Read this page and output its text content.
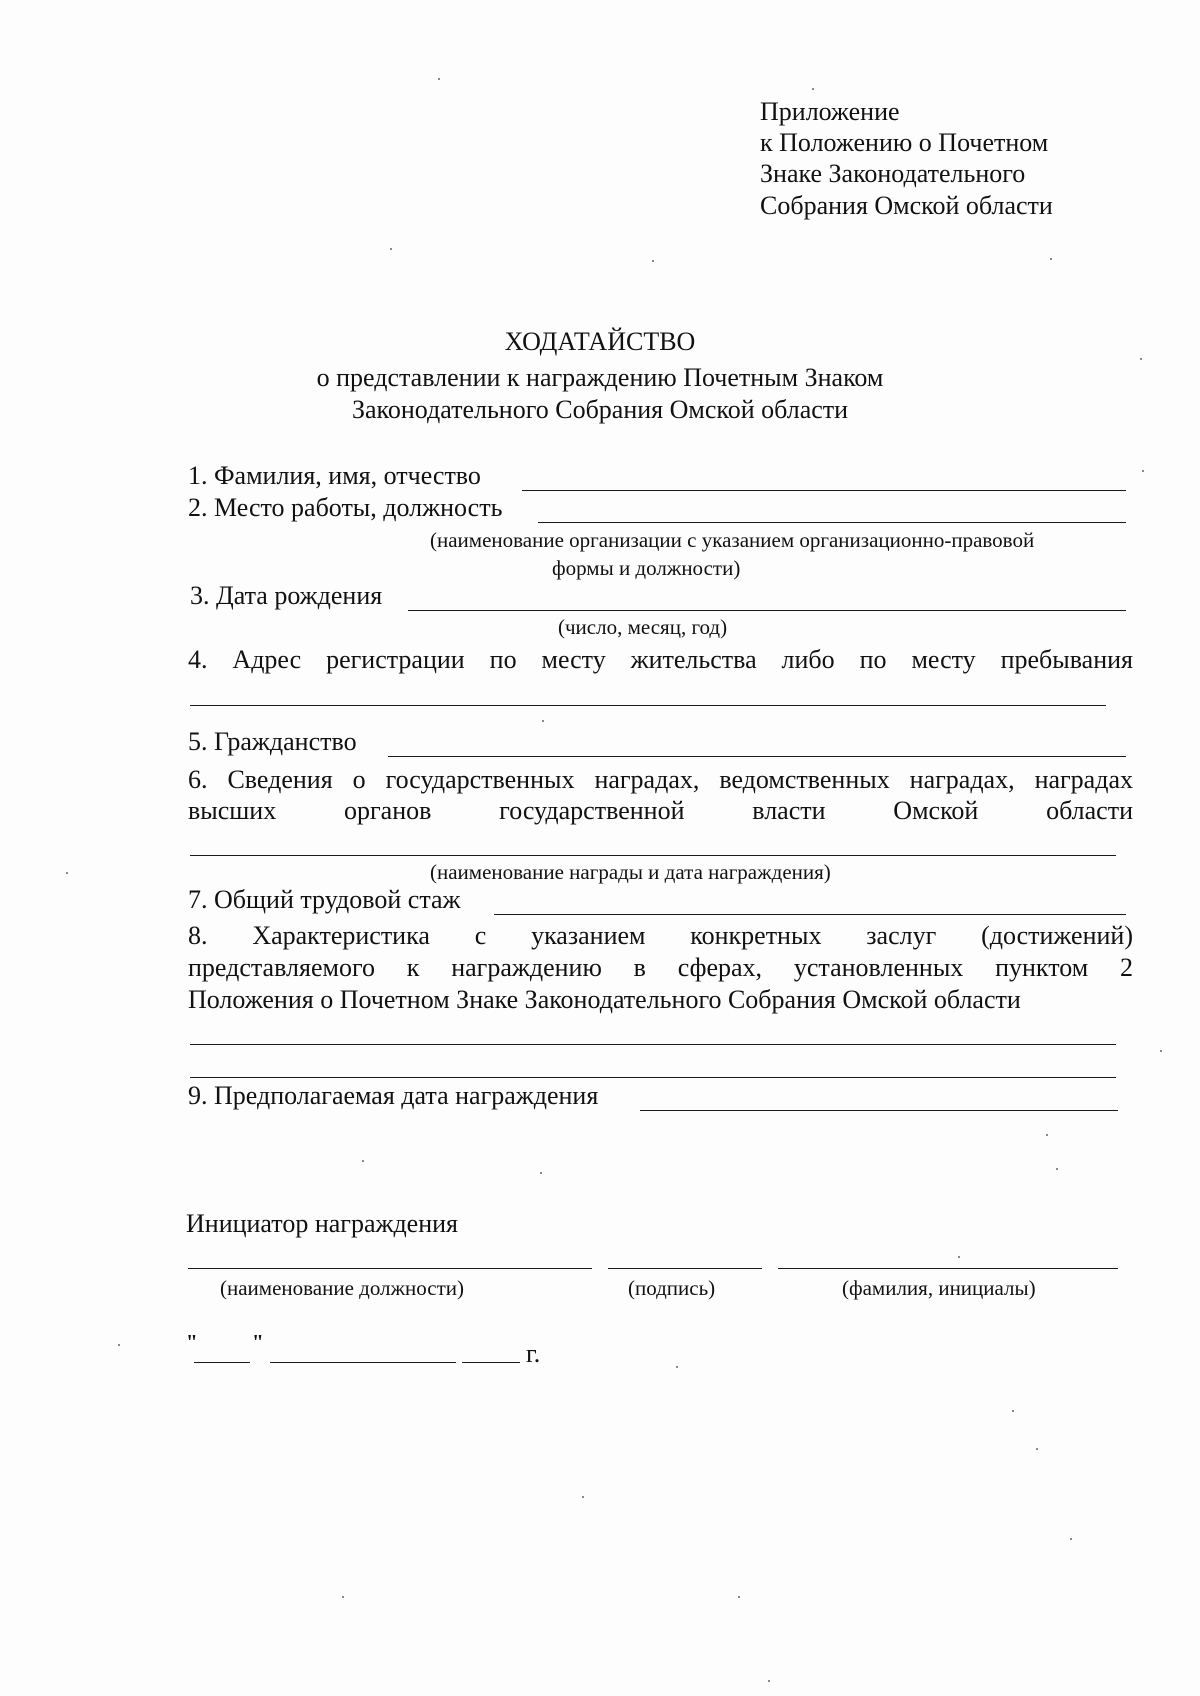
Приложение
к Положению о Почетном
Знаке Законодательного
Собрания Омской области
ХОДАТАЙСТВО
о представлении к награждению Почетным Знаком
Законодательного Собрания Омской области
1. Фамилия, имя, отчество
2. Место работы, должность
(наименование организации с указанием организационно-правовой
формы и должности)
3. Дата рождения
(число, месяц, год)
4. Адрес регистрации по месту жительства либо по месту пребывания
5. Гражданство
6. Сведения о государственных наградах, ведомственных наградах, наградах
высших органов государственной власти Омской области
(наименование награды и дата награждения)
7. Общий трудовой стаж
8. Характеристика с указанием конкретных заслуг (достижений)
представляемого к награждению в сферах, установленных пунктом 2
Положения о Почетном Знаке Законодательного Собрания Омской области
9. Предполагаемая дата награждения
Инициатор награждения
(наименование должности)	(подпись)	(фамилия, инициалы)
"	"	г.
